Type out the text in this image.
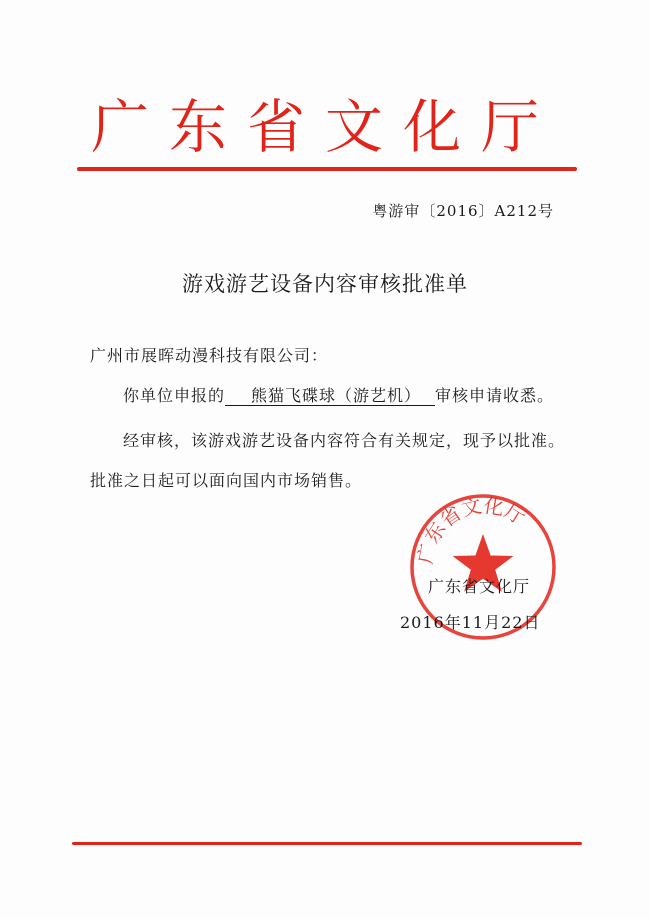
广东省文化厅
粤游审〔2016〕A212号
游戏游艺设备内容审核批准单
广州市展晖动漫科技有限公司：
你单位申报的 熊猫飞碟球（游艺机） 审核申请收悉。
经审核，该游戏游艺设备内容符合有关规定，现予以批准。批准之日起可以面向国内市场销售。
广东省文化厅
广东省文化厅
2016年11月22日
